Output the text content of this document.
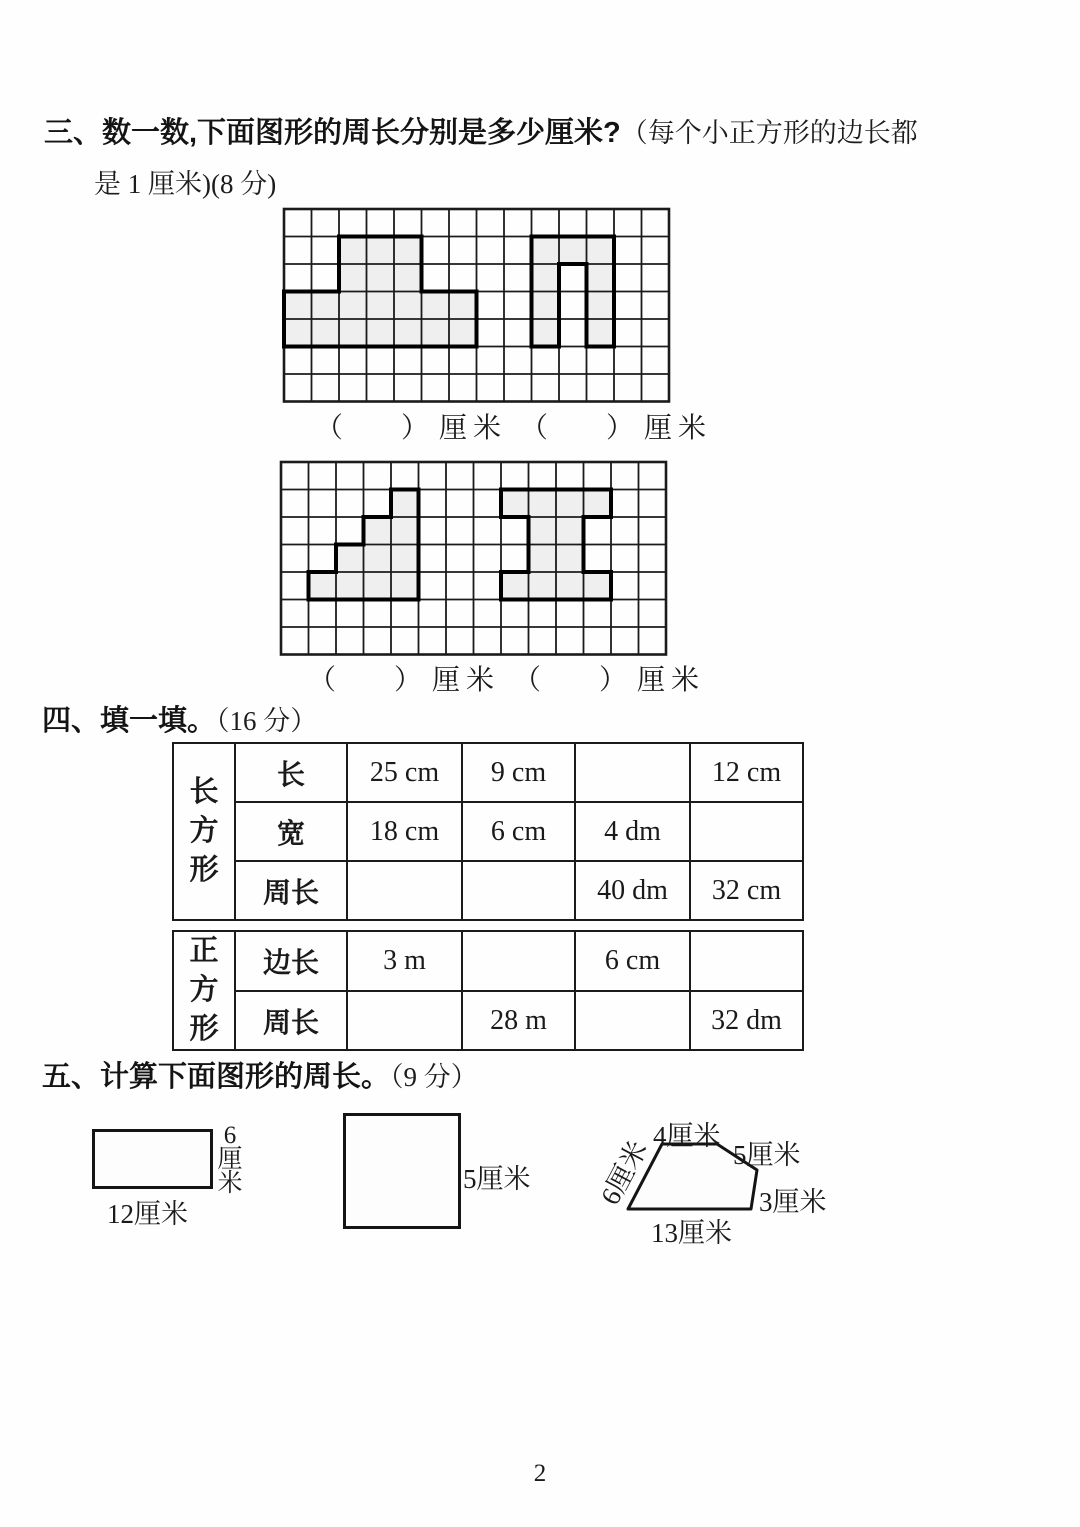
三、数一数,下面图形的周长分别是多少厘米?（每个小正方形的边长都
是 1 厘米)(8 分)
（ ） 厘米 （ ） 厘米
（ ） 厘米 （ ） 厘米
四、填一填。（16 分）
长方形	长	25 cm	9 cm		12 cm
	宽	18 cm	6 cm	4 dm	
	周长			40 dm	32 cm
正方形	边长	3 m		6 cm	
	周长		28 m		32 dm
五、计算下面图形的周长。（9 分）
6厘米
12厘米
5厘米
4厘米
5厘米
3厘米
13厘米
6厘米
2
